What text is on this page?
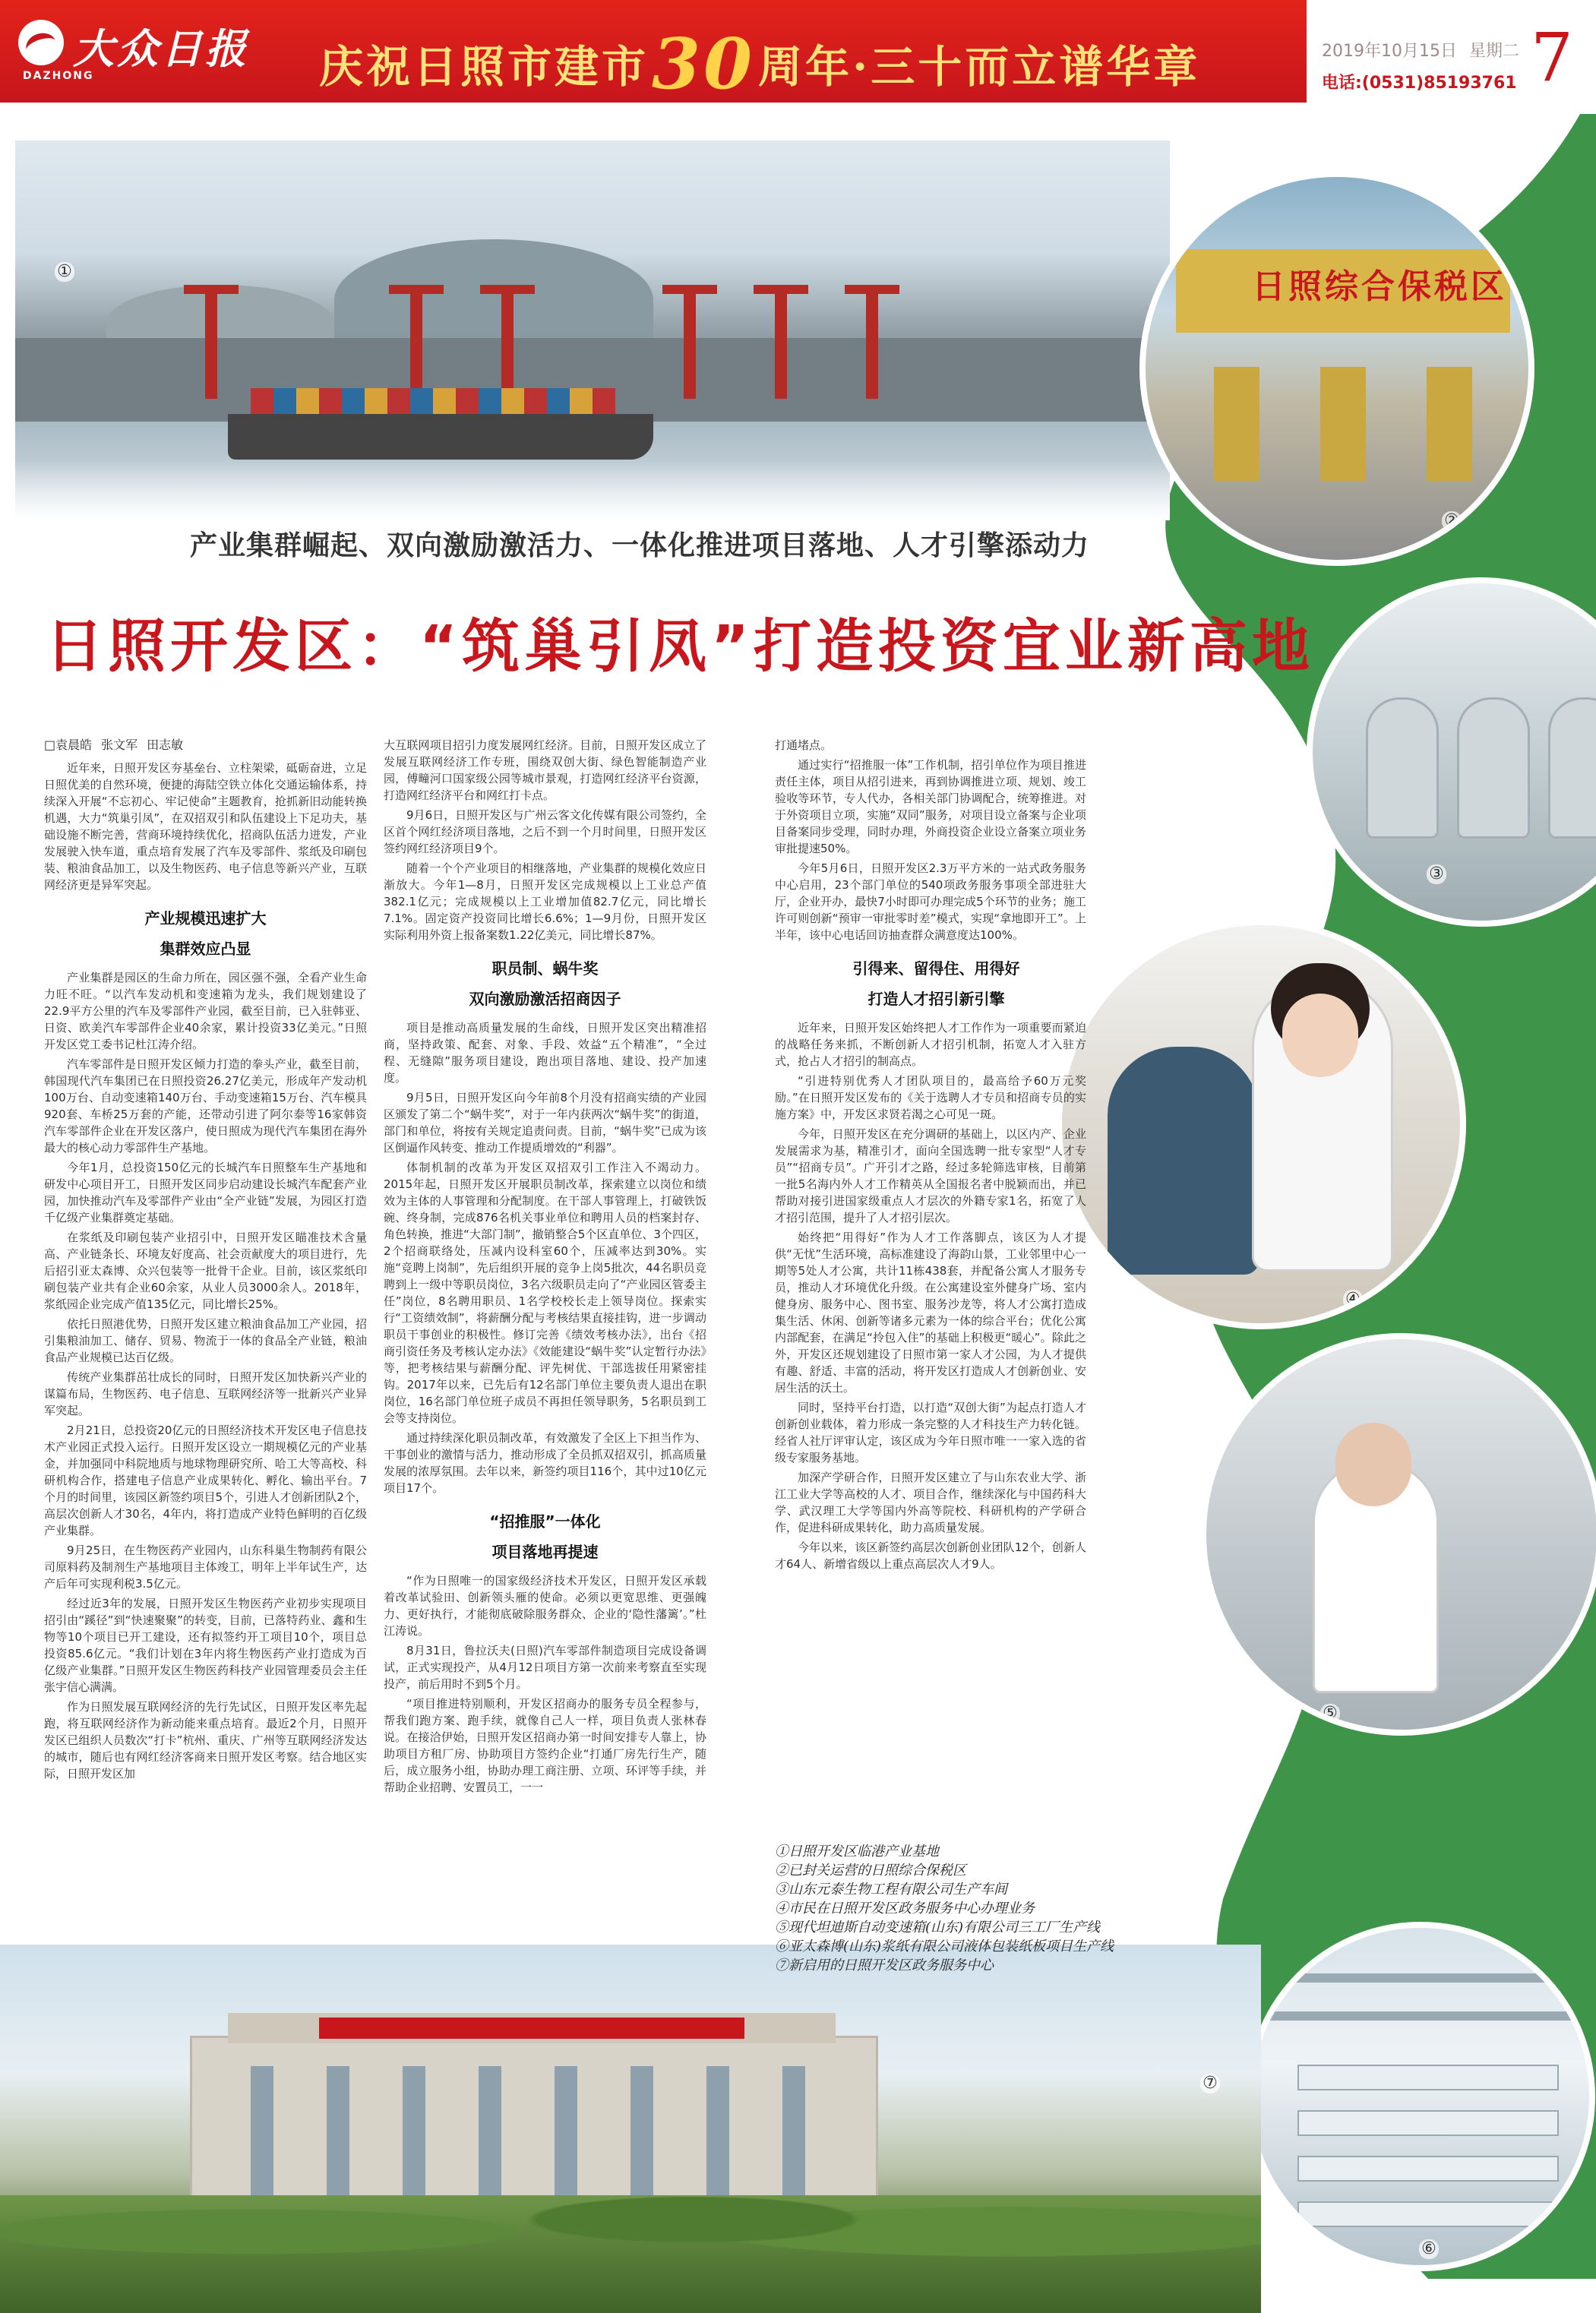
大众日报
DAZHONG	庆祝日照市建市30周年·三十而立谱华章	2019年10月15日 星期二
电话:(0531)85193761 7
①	日照综合保税区
②
③
④
⑤
⑥
⑦
产业集群崛起、双向激励激活力、一体化推进项目落地、人才引擎添动力
日照开发区：“筑巢引凤”打造投资宜业新高地
□袁晨皓 张文军 田志敏

近年来，日照开发区夯基垒台、立柱架梁，砥砺奋进，立足日照优美的自然环境，便捷的海陆空铁立体化交通运输体系，持续深入开展“不忘初心、牢记使命”主题教育，抢抓新旧动能转换机遇，大力“筑巢引凤”，在双招双引和队伍建设上下足功夫，基础设施不断完善，营商环境持续优化，招商队伍活力迸发，产业发展驶入快车道，重点培育发展了汽车及零部件、浆纸及印刷包装、粮油食品加工，以及生物医药、电子信息等新兴产业，互联网经济更是异军突起。

产业规模迅速扩大
集群效应凸显

产业集群是园区的生命力所在，园区强不强，全看产业生命力旺不旺。“以汽车发动机和变速箱为龙头，我们规划建设了22.9平方公里的汽车及零部件产业园，截至目前，已入驻韩亚、日资、欧美汽车零部件企业40余家，累计投资33亿美元。”日照开发区党工委书记杜江涛介绍。

汽车零部件是日照开发区倾力打造的拳头产业，截至目前，韩国现代汽车集团已在日照投资26.27亿美元，形成年产发动机100万台、自动变速箱140万台、手动变速箱15万台、汽车模具920套、车桥25万套的产能，还带动引进了阿尔泰等16家韩资汽车零部件企业在开发区落户，使日照成为现代汽车集团在海外最大的核心动力零部件生产基地。

今年1月，总投资150亿元的长城汽车日照整车生产基地和研发中心项目开工，日照开发区同步启动建设长城汽车配套产业园，加快推动汽车及零部件产业由“全产业链”发展，为园区打造千亿级产业集群奠定基础。

在浆纸及印刷包装产业招引中，日照开发区瞄准技术含量高、产业链条长、环境友好度高、社会贡献度大的项目进行，先后招引亚太森博、众兴包装等一批骨干企业。目前，该区浆纸印刷包装产业共有企业60余家，从业人员3000余人。2018年，浆纸园企业完成产值135亿元，同比增长25%。

依托日照港优势，日照开发区建立粮油食品加工产业园，招引集粮油加工、储存、贸易、物流于一体的食品全产业链，粮油食品产业规模已达百亿级。

传统产业集群茁壮成长的同时，日照开发区加快新兴产业的谋篇布局，生物医药、电子信息、互联网经济等一批新兴产业异军突起。

2月21日，总投资20亿元的日照经济技术开发区电子信息技术产业园正式投入运行。日照开发区设立一期规模亿元的产业基金，并加强同中科院地质与地球物理研究所、哈工大等高校、科研机构合作，搭建电子信息产业成果转化、孵化、输出平台。7个月的时间里，该园区新签约项目5个，引进人才创新团队2个，高层次创新人才30名，4年内，将打造成产业特色鲜明的百亿级产业集群。

9月25日，在生物医药产业园内，山东科巢生物制药有限公司原料药及制剂生产基地项目主体竣工，明年上半年试生产，达产后年可实现利税3.5亿元。

经过近3年的发展，日照开发区生物医药产业初步实现项目招引由“蹊径”到“快速聚聚”的转变，目前，已落特药业、鑫和生物等10个项目已开工建设，还有拟签约开工项目10个，项目总投资85.6亿元。“我们计划在3年内将生物医药产业打造成为百亿级产业集群。”日照开发区生物医药科技产业园管理委员会主任张宇信心满满。

作为日照发展互联网经济的先行先试区，日照开发区率先起跑，将互联网经济作为新动能来重点培育。最近2个月，日照开发区已组织人员数次“打卡”杭州、重庆、广州等互联网经济发达的城市，随后也有网红经济客商来日照开发区考察。结合地区实际，日照开发区加

大互联网项目招引力度发展网红经济。目前，日照开发区成立了发展互联网经济工作专班，围绕双创大街、绿色智能制造产业园，傅疃河口国家级公园等城市景观，打造网红经济平台资源，打造网红经济平台和网红打卡点。

9月6日，日照开发区与广州云客文化传媒有限公司签约，全区首个网红经济项目落地，之后不到一个月时间里，日照开发区签约网红经济项目9个。

随着一个个产业项目的相继落地，产业集群的规模化效应日渐放大。今年1—8月，日照开发区完成规模以上工业总产值382.1亿元；完成规模以上工业增加值82.7亿元，同比增长7.1%。固定资产投资同比增长6.6%；1—9月份，日照开发区实际利用外资上报备案数1.22亿美元，同比增长87%。

职员制、蜗牛奖
双向激励激活招商因子

项目是推动高质量发展的生命线，日照开发区突出精准招商，坚持政策、配套、对象、手段、效益“五个精准”，“全过程、无缝隙”服务项目建设，跑出项目落地、建设、投产加速度。

9月5日，日照开发区向今年前8个月没有招商实绩的产业园区颁发了第二个“蜗牛奖”，对于一年内获两次“蜗牛奖”的街道，部门和单位，将按有关规定追责问责。目前，“蜗牛奖”已成为该区倒逼作风转变、推动工作提质增效的“利器”。

体制机制的改革为开发区双招双引工作注入不竭动力。2015年起，日照开发区开展职员制改革，探索建立以岗位和绩效为主体的人事管理和分配制度。在干部人事管理上，打破铁饭碗、终身制，完成876名机关事业单位和聘用人员的档案封存、角色转换，推进“大部门制”，撤销整合5个区直单位、3个四区，2个招商联络处，压减内设科室60个，压减率达到30%。实施“竞聘上岗制”，先后组织开展的竞争上岗5批次，44名职员竞聘到上一级中等职员岗位，3名六级职员走向了“产业园区管委主任”岗位，8名聘用职员、1名学校校长走上领导岗位。探索实行“工资绩效制”，将薪酬分配与考核结果直接挂钩，进一步调动职员干事创业的积极性。修订完善《绩效考核办法》，出台《招商引资任务及考核认定办法》《效能建设“蜗牛奖”认定暂行办法》等，把考核结果与薪酬分配、评先树优、干部选拔任用紧密挂钩。2017年以来，已先后有12名部门单位主要负责人退出在职岗位，16名部门单位班子成员不再担任领导职务，5名职员到工会等支持岗位。

通过持续深化职员制改革，有效激发了全区上下担当作为、干事创业的激情与活力，推动形成了全员抓双招双引，抓高质量发展的浓厚氛围。去年以来，新签约项目116个，其中过10亿元项目17个。

“招推服”一体化
项目落地再提速

“作为日照唯一的国家级经济技术开发区，日照开发区承载着改革试验田、创新领头雁的使命。必须以更宽思维、更强魄力、更好执行，才能彻底破除服务群众、企业的‘隐性藩篱’。”杜江涛说。

8月31日，鲁拉沃夫(日照)汽车零部件制造项目完成设备调试，正式实现投产，从4月12日项目方第一次前来考察直至实现投产，前后用时不到5个月。

“项目推进特别顺利，开发区招商办的服务专员全程参与，帮我们跑方案、跑手续，就像自己人一样，项目负责人张林春说。在接洽伊始，日照开发区招商办第一时间安排专人靠上，协助项目方租厂房、协助项目方签约企业“打通厂房先行生产，随后，成立服务小组，协助办理工商注册、立项、环评等手续，并帮助企业招聘、安置员工，一一

打通堵点。

通过实行“招推服一体”工作机制，招引单位作为项目推进责任主体，项目从招引进来，再到协调推进立项、规划、竣工验收等环节，专人代办，各相关部门协调配合，统筹推进。对于外资项目立项，实施“双同”服务，对项目设立备案与企业项目备案同步受理，同时办理，外商投资企业设立备案立项业务审批提速50%。

今年5月6日，日照开发区2.3万平方米的一站式政务服务中心启用，23个部门单位的540项政务服务事项全部进驻大厅，企业开办，最快7小时即可办理完成5个环节的业务；施工许可则创新“预审一审批零时差”模式，实现“拿地即开工”。上半年，该中心电话回访抽查群众满意度达100%。

引得来、留得住、用得好
打造人才招引新引擎

近年来，日照开发区始终把人才工作作为一项重要而紧迫的战略任务来抓，不断创新人才招引机制，拓宽人才入驻方式，抢占人才招引的制高点。

“引进特别优秀人才团队项目的，最高给予60万元奖励。”在日照开发区发布的《关于选聘人才专员和招商专员的实施方案》中，开发区求贤若渴之心可见一斑。

今年，日照开发区在充分调研的基础上，以区内产、企业发展需求为基，精准引才，面向全国选聘一批专家型“人才专员”“招商专员”。广开引才之路，经过多轮筛选审核，目前第一批5名海内外人才工作精英从全国报名者中脱颖而出，并已帮助对接引进国家级重点人才层次的外籍专家1名，拓宽了人才招引范围，提升了人才招引层次。

始终把“用得好”作为人才工作落脚点，该区为人才提供“无忧”生活环境，高标准建设了海韵山景，工业邻里中心一期等5处人才公寓，共计11栋438套，并配备公寓人才服务专员，推动人才环境优化升级。在公寓建设室外健身广场、室内健身房、服务中心、图书室、服务沙龙等，将人才公寓打造成集生活、休闲、创新等诸多元素为一体的综合平台；优化公寓内部配套，在满足“拎包入住”的基础上积极更“暖心”。除此之外，开发区还规划建设了日照市第一家人才公园，为人才提供有趣、舒适、丰富的活动，将开发区打造成人才创新创业、安居生活的沃土。

同时，坚持平台打造，以打造“双创大街”为起点打造人才创新创业载体，着力形成一条完整的人才科技生产力转化链。经省人社厅评审认定，该区成为今年日照市唯一一家入选的省级专家服务基地。

加深产学研合作，日照开发区建立了与山东农业大学、浙江工业大学等高校的人才、项目合作，继续深化与中国药科大学、武汉理工大学等国内外高等院校、科研机构的产学研合作，促进科研成果转化，助力高质量发展。

今年以来，该区新签约高层次创新创业团队12个，创新人才64人、新增省级以上重点高层次人才9人。

①日照开发区临港产业基地
②已封关运营的日照综合保税区
③山东元泰生物工程有限公司生产车间
④市民在日照开发区政务服务中心办理业务
⑤现代坦迪斯自动变速箱(山东)有限公司三工厂生产线
⑥亚太森博(山东)浆纸有限公司液体包装纸板项目生产线
⑦新启用的日照开发区政务服务中心
